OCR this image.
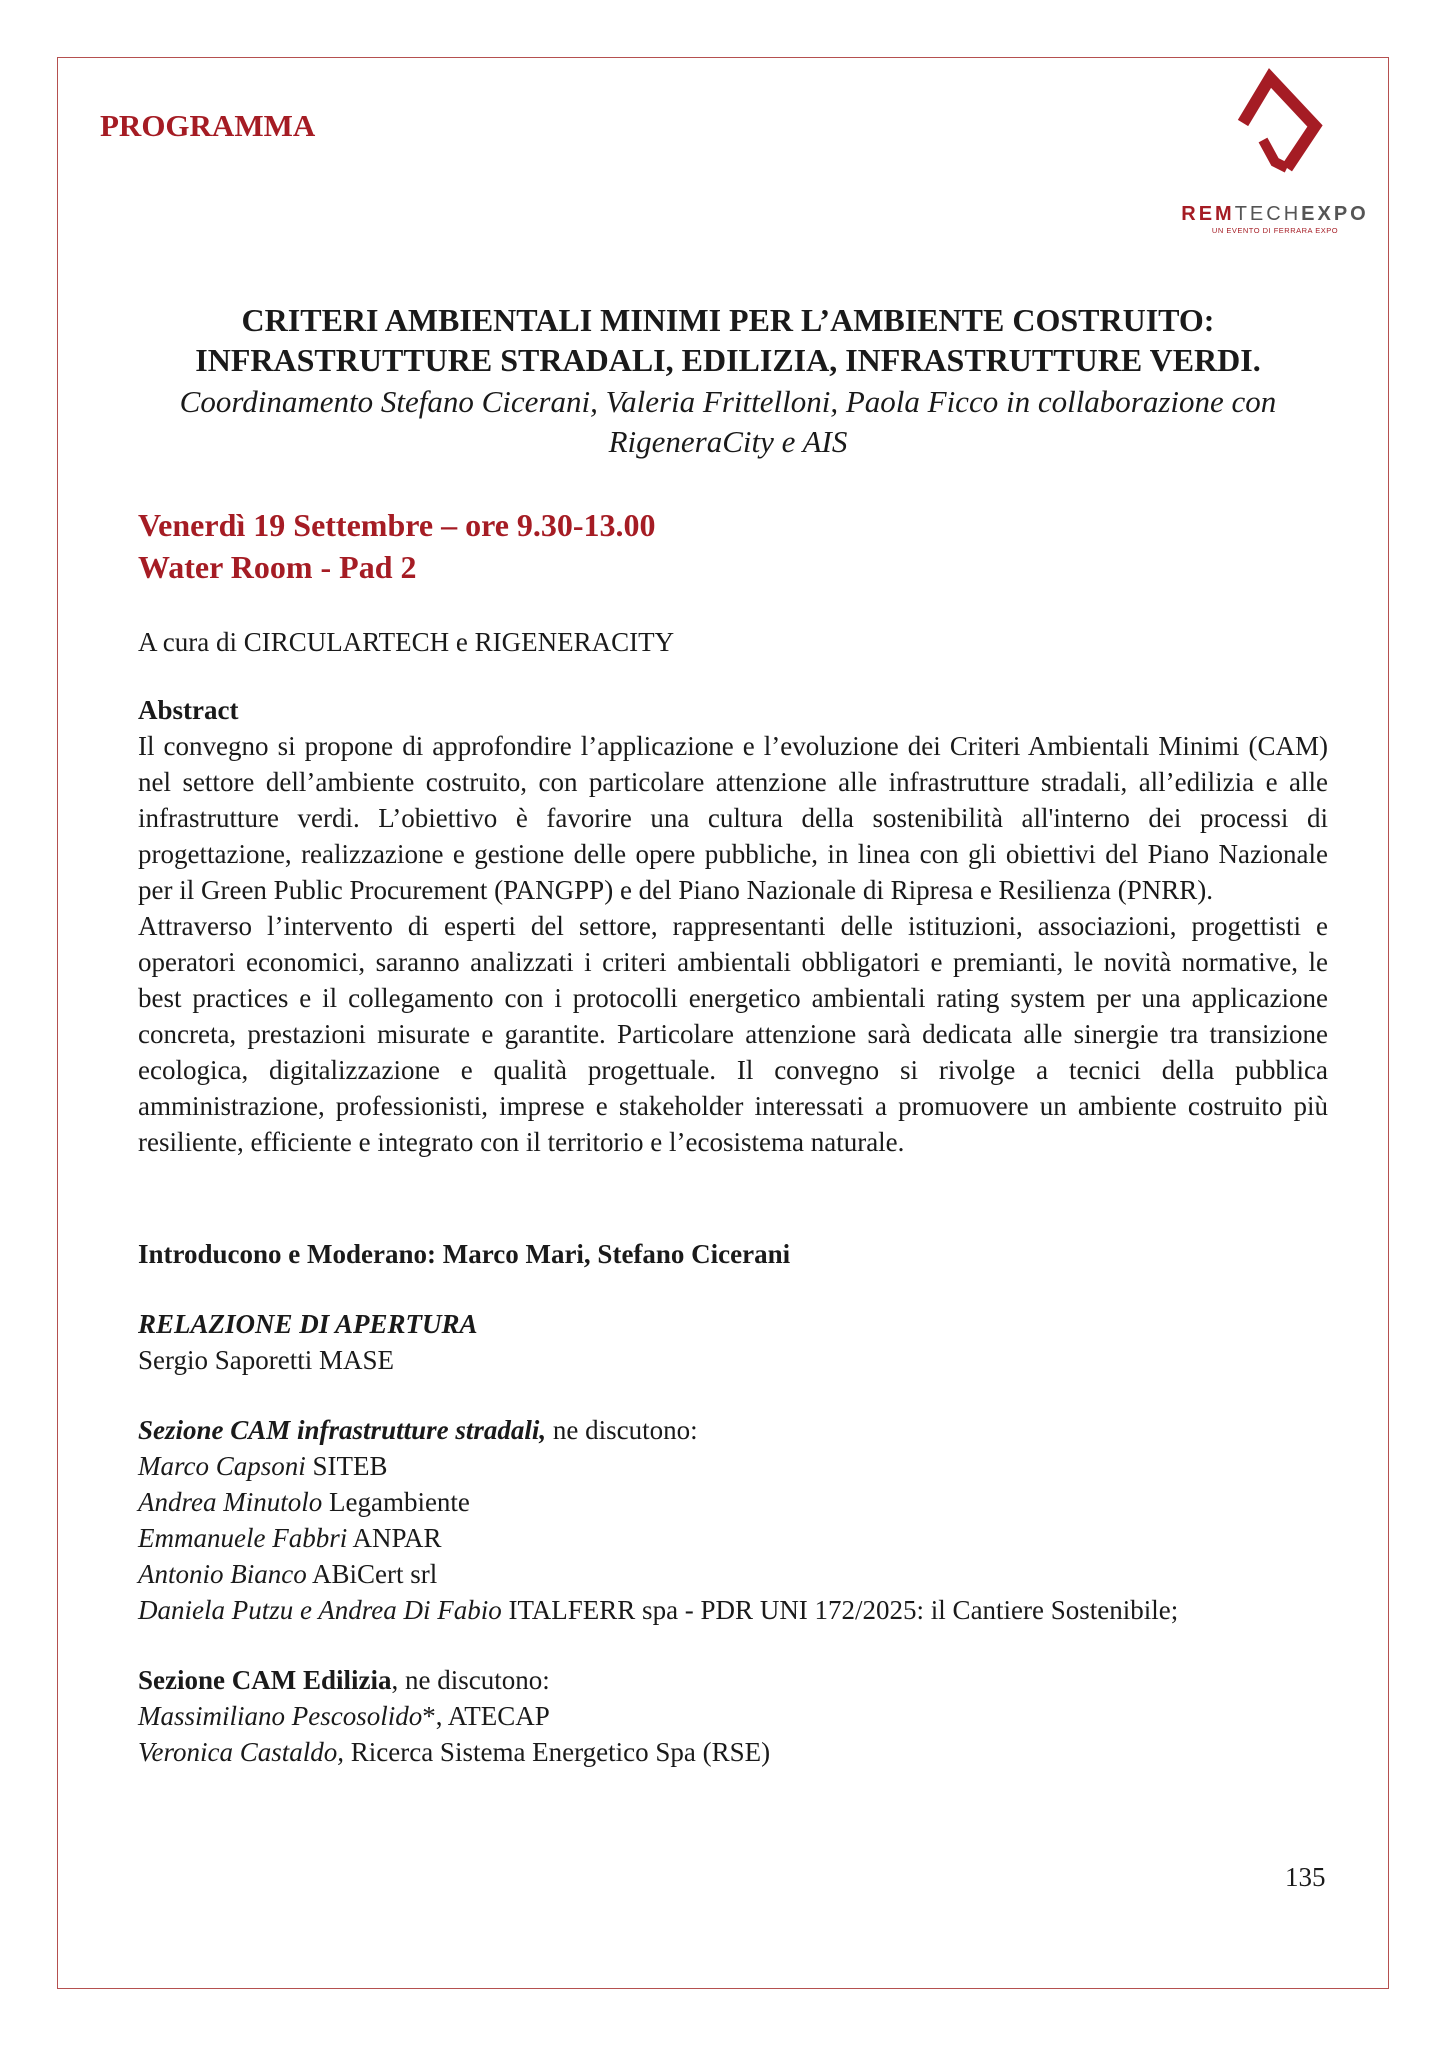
PROGRAMMA
REMTECHEXPO
UN EVENTO DI FERRARA EXPO
CRITERI AMBIENTALI MINIMI PER L’AMBIENTE COSTRUITO:
INFRASTRUTTURE STRADALI, EDILIZIA, INFRASTRUTTURE VERDI.
Coordinamento Stefano Cicerani, Valeria Frittelloni, Paola Ficco in collaborazione con RigeneraCity e AIS
Venerdì 19 Settembre – ore 9.30-13.00
Water Room - Pad 2

A cura di CIRCULARTECH e RIGENERACITY

Abstract

Il convegno si propone di approfondire l’applicazione e l’evoluzione dei Criteri Ambientali Minimi (CAM) nel settore dell’ambiente costruito, con particolare attenzione alle infrastrutture stradali, all’edilizia e alle infrastrutture verdi. L’obiettivo è favorire una cultura della sostenibilità all'interno dei processi di progettazione, realizzazione e gestione delle opere pubbliche, in linea con gli obiettivi del Piano Nazionale per il Green Public Procurement (PANGPP) e del Piano Nazionale di Ripresa e Resilienza (PNRR).

Attraverso l’intervento di esperti del settore, rappresentanti delle istituzioni, associazioni, progettisti e operatori economici, saranno analizzati i criteri ambientali obbligatori e premianti, le novità normative, le best practices e il collegamento con i protocolli energetico ambientali rating system per una applicazione concreta, prestazioni misurate e garantite. Particolare attenzione sarà dedicata alle sinergie tra transizione ecologica, digitalizzazione e qualità progettuale. Il convegno si rivolge a tecnici della pubblica amministrazione, professionisti, imprese e stakeholder interessati a promuovere un ambiente costruito più resiliente, efficiente e integrato con il territorio e l’ecosistema naturale.

Introducono e Moderano: Marco Mari, Stefano Cicerani

RELAZIONE DI APERTURA

Sergio Saporetti MASE

Sezione CAM infrastrutture stradali, ne discutono:

Marco Capsoni SITEB

Andrea Minutolo Legambiente

Emmanuele Fabbri ANPAR

Antonio Bianco ABiCert srl

Daniela Putzu e Andrea Di Fabio ITALFERR spa - PDR UNI 172/2025: il Cantiere Sostenibile;

Sezione CAM Edilizia, ne discutono:

Massimiliano Pescosolido*, ATECAP

Veronica Castaldo, Ricerca Sistema Energetico Spa (RSE)

135
